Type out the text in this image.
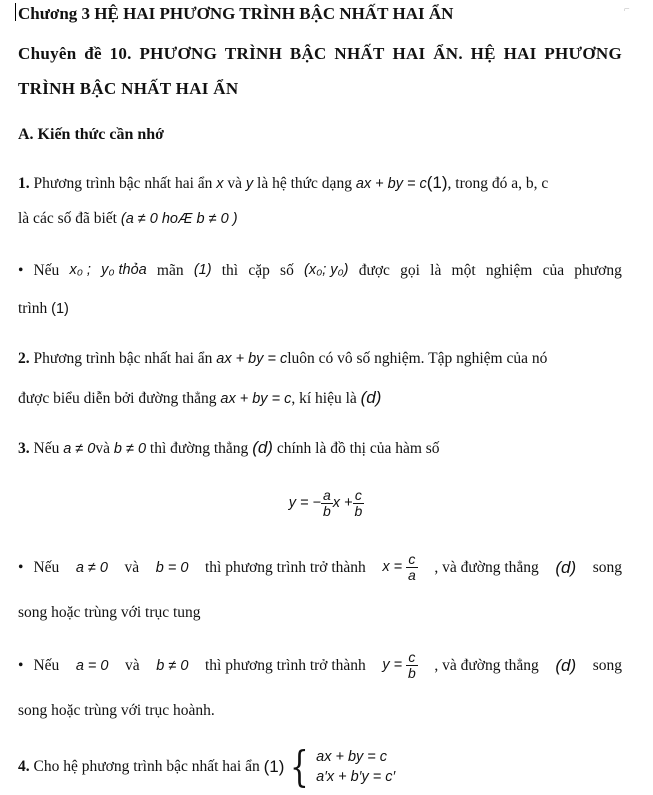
⌐
Chương 3 HỆ HAI PHƯƠNG TRÌNH BẬC NHẤT HAI ẨN
Chuyên đề 10. PHƯƠNG TRÌNH BẬC NHẤT HAI ẨN. HỆ HAI PHƯƠNG
TRÌNH BẬC NHẤT HAI ẨN
A. Kiến thức cần nhớ
1. Phương trình bậc nhất hai ẩn x và y là hệ thức dạng ax + by = c(1), trong đó a, b, c
là các số đã biết (a ≠ 0 hoÆ b ≠ 0 )
• Nếu x₀ ; y₀ thỏa mãn (1) thì cặp số (x₀; y₀) được gọi là một nghiệm của phương
trình (1)
2. Phương trình bậc nhất hai ẩn ax + by = cluôn có vô số nghiệm. Tập nghiệm của nó
được biểu diễn bởi đường thẳng ax + by = c, kí hiệu là (d)
3. Nếu a ≠ 0và b ≠ 0 thì đường thẳng (d) chính là đồ thị của hàm số
y = − $\frac{a}{b}$ $x + \frac{c}{b}$
• Nếu a ≠ 0 và b = 0 thì phương trình trở thành $x = \frac{c}{a}$ , và đường thẳng (d) song
song hoặc trùng với trục tung
• Nếu a = 0 và b ≠ 0 thì phương trình trở thành $y = \frac{c}{b}$ , và đường thẳng (d) song
song hoặc trùng với trục hoành.
4. Cho hệ phương trình bậc nhất hai ẩn (1) { ax + by = c
a′x + b′y = c′
